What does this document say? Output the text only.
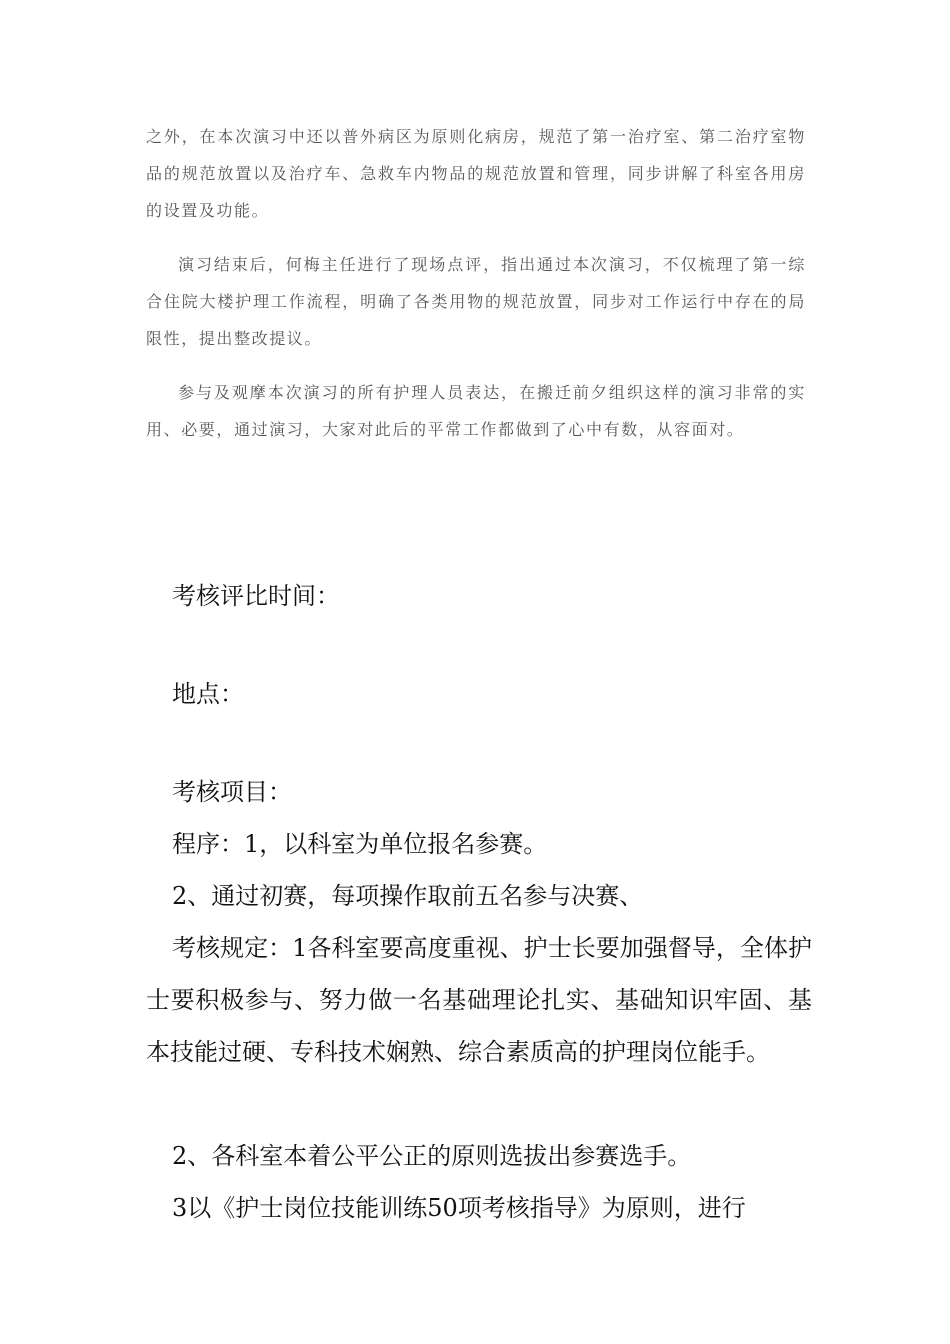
之外，在本次演习中还以普外病区为原则化病房，规范了第一治疗室、第二治疗室物品的规范放置以及治疗车、急救车内物品的规范放置和管理，同步讲解了科室各用房的设置及功能。

演习结束后，何梅主任进行了现场点评，指出通过本次演习，不仅梳理了第一综合住院大楼护理工作流程，明确了各类用物的规范放置，同步对工作运行中存在的局限性，提出整改提议。

参与及观摩本次演习的所有护理人员表达，在搬迁前夕组织这样的演习非常的实用、必要，通过演习，大家对此后的平常工作都做到了心中有数，从容面对。

考核评比时间：
地点：
考核项目：
程序：1，以科室为单位报名参赛。
2、通过初赛，每项操作取前五名参与决赛、
考核规定：1各科室要高度重视、护士长要加强督导，全体护士要积极参与、努力做一名基础理论扎实、基础知识牢固、基本技能过硬、专科技术娴熟、综合素质高的护理岗位能手。
2、各科室本着公平公正的原则选拔出参赛选手。
3以《护士岗位技能训练50项考核指导》为原则，进行
